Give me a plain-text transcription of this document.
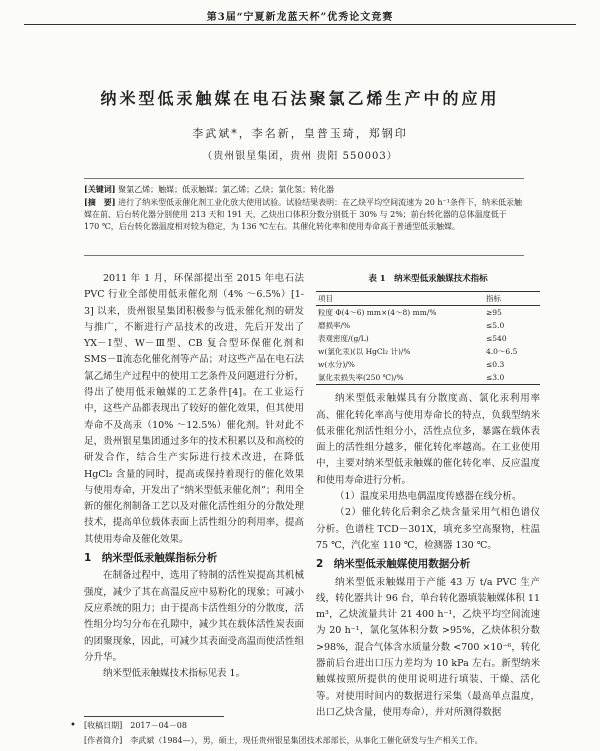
第3届“宁夏新龙蓝天杯”优秀论文竞赛
纳米型低汞触媒在电石法聚氯乙烯生产中的应用
李武斌*，李名新，皇普玉琦，郑钢印
（贵州银星集团，贵州 贵阳 550003）

[关键词] 聚氯乙烯；触媒；低汞触媒；氯乙烯；乙炔；氯化氢；转化器

[摘　要] 进行了纳米型低汞催化剂工业化放大使用试验。试验结果表明：在乙炔平均空间流速为 20 h⁻¹条件下，纳米低汞触媒在前、后台转化器分别使用 213 天和 191 天，乙炔出口体积分数分别低于 30% 与 2%；前台转化器的总体温度低于 170 ℃，后台转化器温度相对较为稳定，为 136 ℃左右。其催化转化率和使用寿命高于普通型低汞触媒。

2011 年 1 月，环保部提出至 2015 年电石法 PVC 行业全部使用低汞催化剂（4% ～6.5%）[1-3] 以来，贵州银星集团积极参与低汞催化剂的研发与推广，不断进行产品技术的改进，先后开发出了 YX－Ⅰ型、W－Ⅲ型、CB 复合型环保催化剂和 SMS－Ⅱ流态化催化剂等产品；对这些产品在电石法氯乙烯生产过程中的使用工艺条件及问题进行分析，得出了使用低汞触媒的工艺条件[4]。在工业运行中，这些产品都表现出了较好的催化效果，但其使用寿命不及高汞（10% ～12.5%）催化剂。针对此不足，贵州银星集团通过多年的技术积累以及和高校的研发合作，结合生产实际进行技术改进，在降低 HgCl₂ 含量的同时，提高或保持着现行的催化效果与使用寿命，开发出了“纳米型低汞催化剂”；利用全新的催化剂制备工艺以及对催化活性组分的分散处理技术，提高单位载体表面上活性组分的利用率，提高其使用寿命及催化效果。

1　纳米型低汞触媒指标分析

在制备过程中，选用了特制的活性炭提高其机械强度，减少了其在高温反应中易粉化的现象；可减小反应系统的阻力；由于提高卡活性组分的分散度，活性组分均匀分布在孔隙中，减少其在载体活性炭表面的团聚现象，因此，可减少其表面受高温而使活性组分升华。

纳米型低汞触媒技术指标见表 1。

表 1　纳米型低汞触媒技术指标
项目	指标
粒度 Φ(4～6) mm×(4～8) mm/%	≥95
磨损率/%	≤5.0
表观密度/(g/L)	≤540
w(氯化汞)(以 HgCl₂ 计)/%	4.0～6.5
w(水分)/%	≤0.3
氯化汞损失率(250 ℃)/%	≤3.0

纳米型低汞触媒具有分散度高、氯化汞利用率高、催化转化率高与使用寿命长的特点，负载型纳米低汞催化剂活性组分小，活性点位多，暴露在载体表面上的活性组分越多，催化转化率越高。在工业使用中，主要对纳米型低汞触媒的催化转化率、反应温度和使用寿命进行分析。

（1）温度采用热电偶温度传感器在线分析。

（2）催化转化后剩余乙炔含量采用气相色谱仪分析。色谱柱 TCD－301X，填充多空高聚物，柱温 75 ℃，汽化室 110 ℃，检测器 130 ℃。

2　纳米型低汞触媒使用数据分析

纳米型低汞触媒用于产能 43 万 t/a PVC 生产线，转化器共计 96 台，单台转化器填装触媒体积 11 m³，乙炔流量共计 21 400 h⁻¹，乙炔平均空间流速为 20 h⁻¹，氯化氢体积分数 >95%，乙炔体积分数 >98%，混合气体含水质量分数 <700 ×10⁻⁶，转化器前后台进出口压力差均为 10 kPa 左右。新型纳米触媒按照所提供的使用说明进行填装、干燥、活化等。对使用时间内的数据进行采集（最高单点温度，出口乙炔含量，使用寿命），并对所测得数据

• [收稿日期]　2017－04－08
[作者简介]　李武斌（1984—），男，硕士，现任贵州银星集团技术部部长，从事化工催化研发与生产相关工作。
